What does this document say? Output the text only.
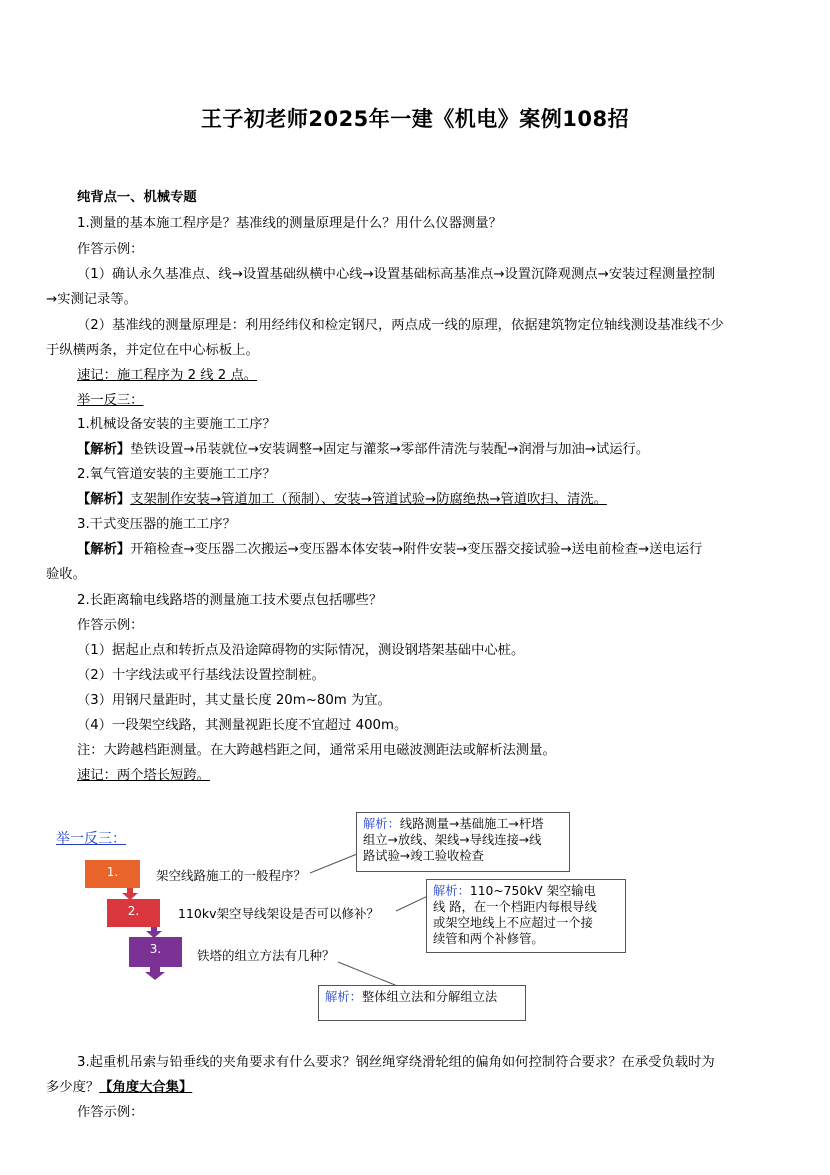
王子初老师2025年一建《机电》案例108招
纯背点一、机械专题
1.测量的基本施工程序是？基准线的测量原理是什么？用什么仪器测量？
作答示例：
（1）确认永久基准点、线→设置基础纵横中心线→设置基础标高基准点→设置沉降观测点→安装过程测量控制
→实测记录等。
（2）基准线的测量原理是：利用经纬仪和检定钢尺，两点成一线的原理，依据建筑物定位轴线测设基准线不少
于纵横两条，并定位在中心标板上。
速记：施工程序为 2 线 2 点。
举一反三：
1.机械设备安装的主要施工工序？
【解析】垫铁设置→吊装就位→安装调整→固定与灌浆→零部件清洗与装配→润滑与加油→试运行。
2.氧气管道安装的主要施工工序？
【解析】支架制作安装→管道加工（预制）、安装→管道试验→防腐绝热→管道吹扫、清洗。
3.干式变压器的施工工序？
【解析】开箱检查→变压器二次搬运→变压器本体安装→附件安装→变压器交接试验→送电前检查→送电运行
验收。
2.长距离输电线路塔的测量施工技术要点包括哪些？
作答示例：
（1）据起止点和转折点及沿途障碍物的实际情况，测设钢塔架基础中心桩。
（2）十字线法或平行基线法设置控制桩。
（3）用钢尺量距时，其丈量长度 20m~80m 为宜。
（4）一段架空线路，其测量视距长度不宜超过 400m。
注：大跨越档距测量。在大跨越档距之间，通常采用电磁波测距法或解析法测量。
速记：两个塔长短跨。
举一反三：
1.	架空线路施工的一般程序？
2.	110kv架空导线架设是否可以修补？
3.	铁塔的组立方法有几种？
解析：线路测量→基础施工→杆塔
组立→放线、架线→导线连接→线
路试验→竣工验收检查
解析：110~750kV 架空输电
线 路，在一个档距内每根导线
或架空地线上不应超过一个接
续管和两个补修管。
解析：整体组立法和分解组立法
3.起重机吊索与铅垂线的夹角要求有什么要求？钢丝绳穿绕滑轮组的偏角如何控制符合要求？在承受负载时为
多少度？【角度大合集】
作答示例：
